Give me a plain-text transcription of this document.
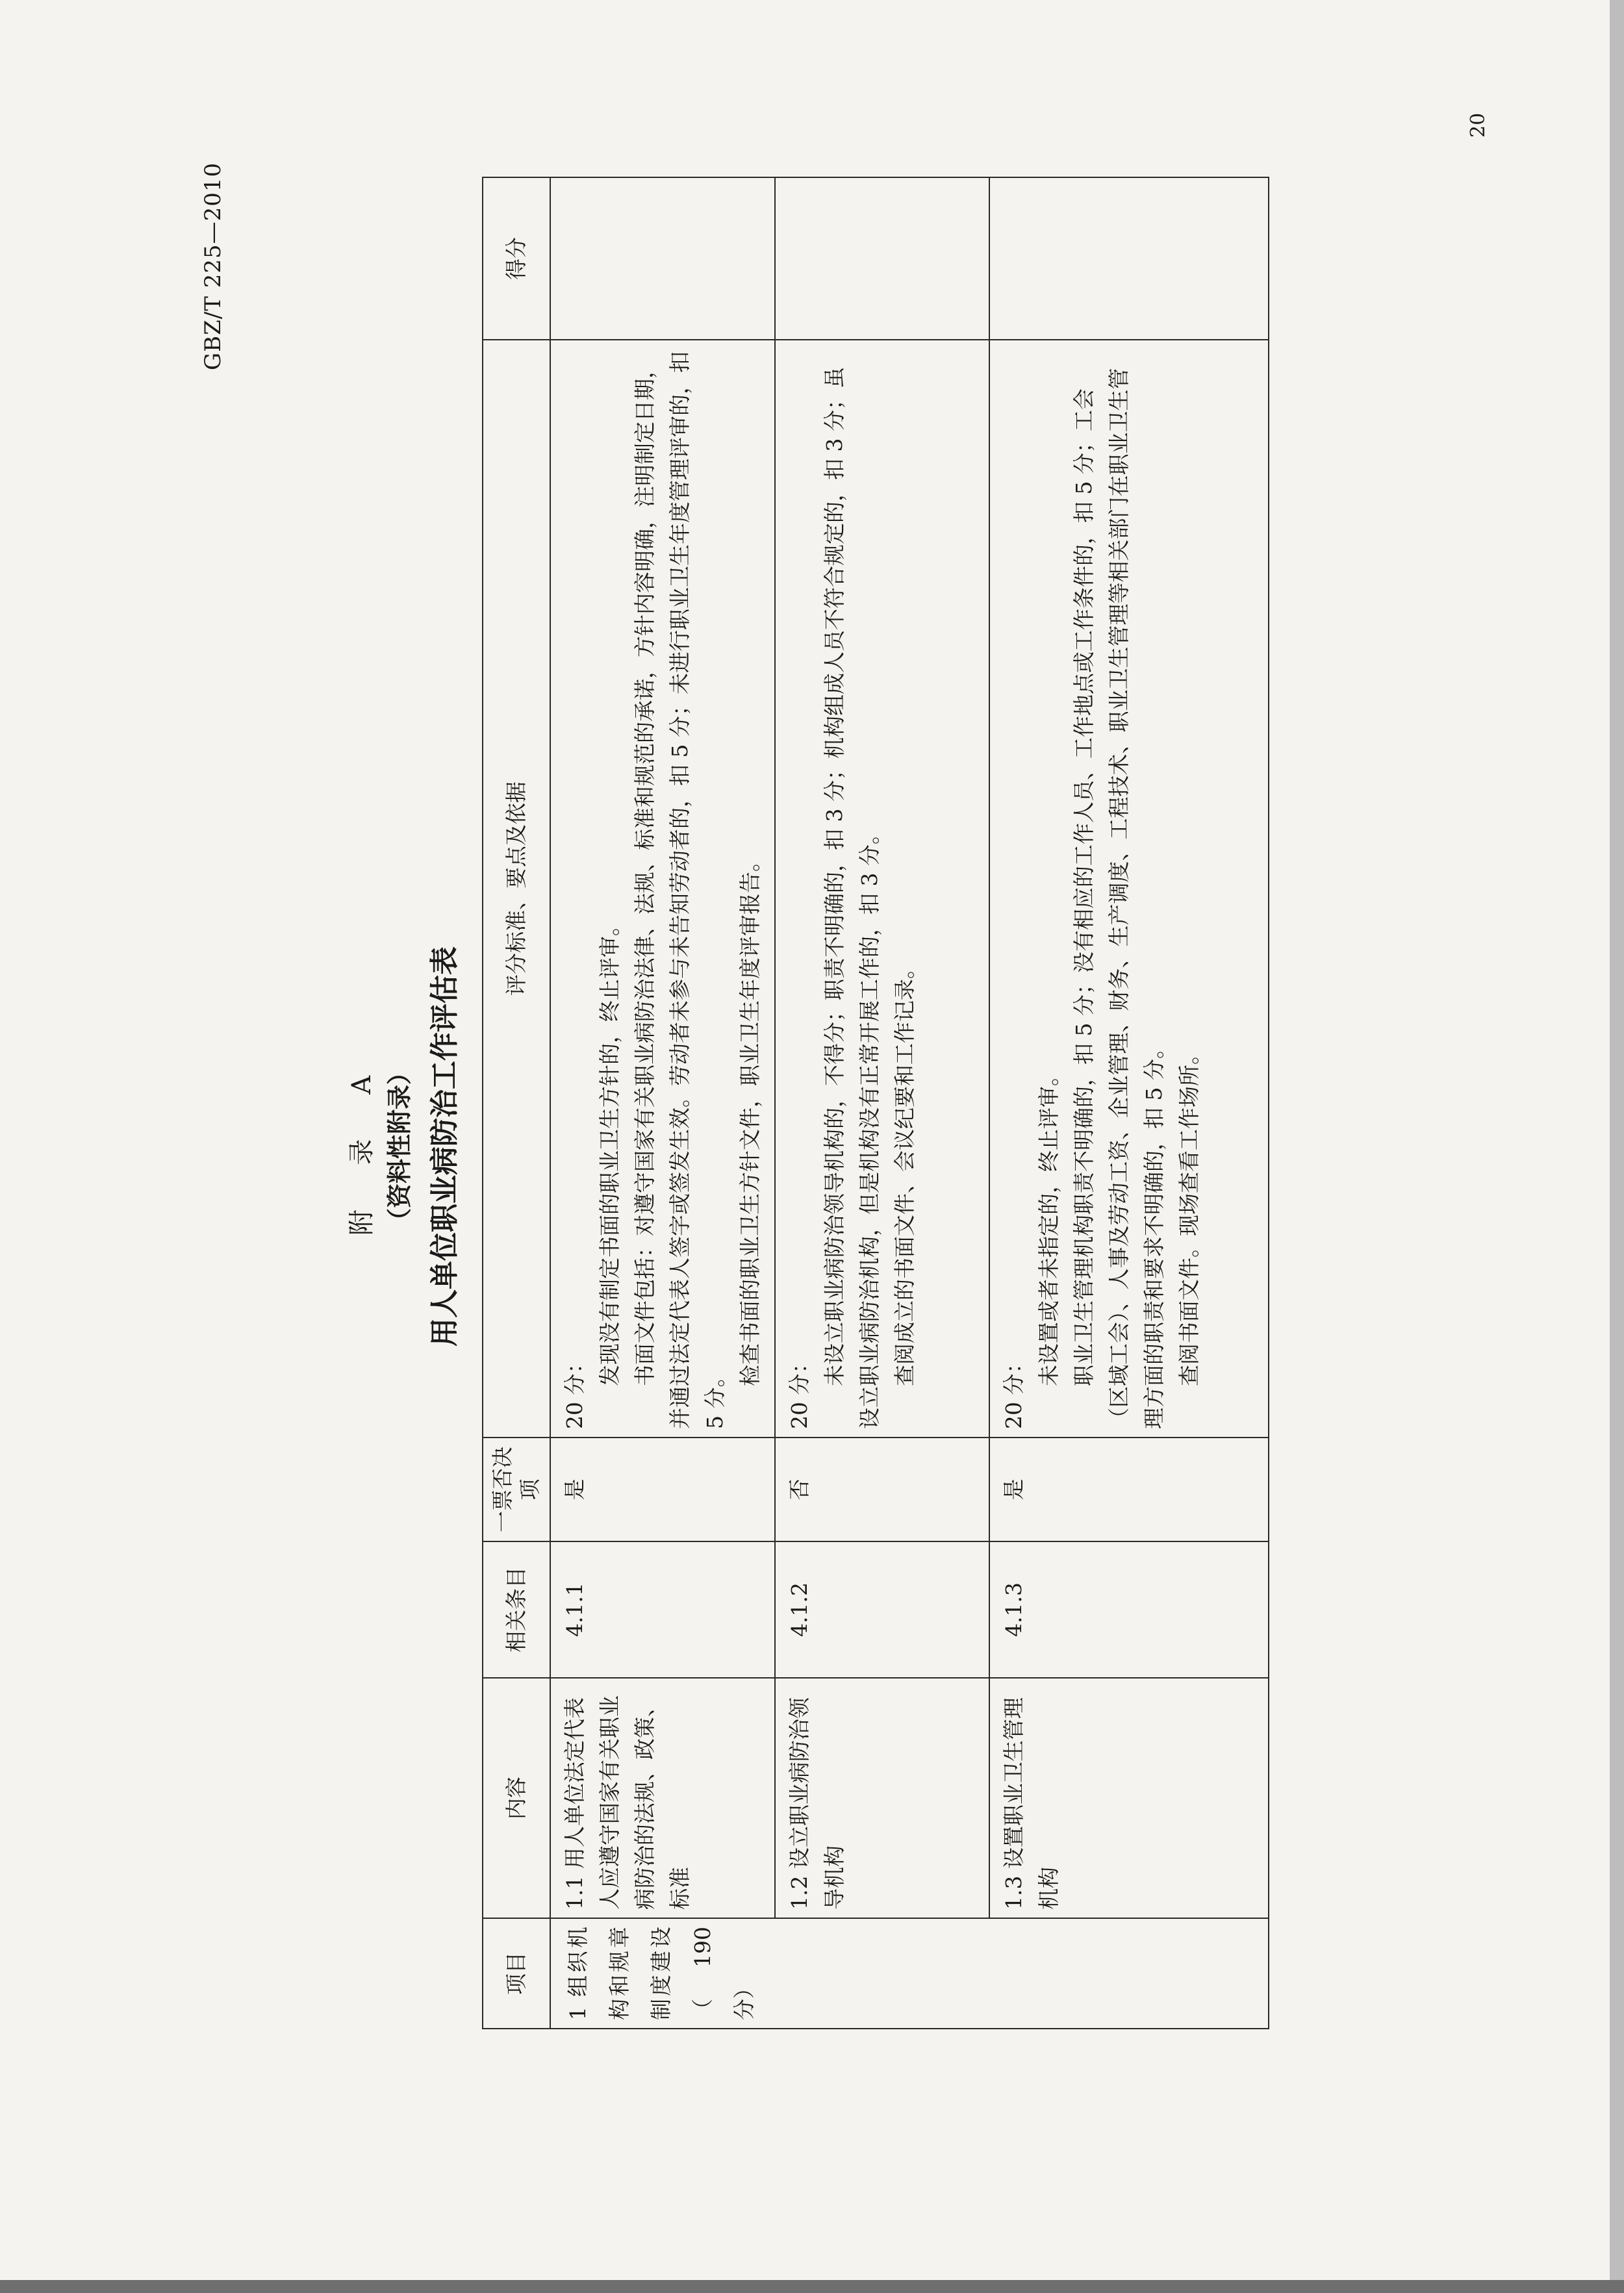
GBZ/T 225—2010
20
附 录 A （资料性附录） 用人单位职业病防治工作评估表
项目	内容	相关条目	一票否决项	评分标准、要点及依据	得分
1 组织机构和规章制度建设（190分）	1.1 用人单位法定代表人应遵守国家有关职业病防治的法规、政策、标准	4.1.1	是	20 分：

发现没有制定书面的职业卫生方针的，终止评审。 书面文件包括：对遵守国家有关职业病防治法律、法规、标准和规范的承诺，方针内容明确，注明制定日期，并通过法定代表人签字或签发生效。劳动者未参与未告知劳动者的，扣 5 分；未进行职业卫生年度管理评审的，扣 5 分。

检查书面的职业卫生方针文件，职业卫生年度评审报告。	

	1.2 设立职业病防治领导机构	4.1.2	否	20 分：

未设立职业病防治领导机构的，不得分；职责不明确的，扣 3 分；机构组成人员不符合规定的，扣 3 分；虽设立职业病防治机构，但是机构没有正常开展工作的，扣 3 分。 查阅成立的书面文件、会议纪要和工作记录。	

	1.3 设置职业卫生管理机构	4.1.3	是	20 分：

未设置或者未指定的，终止评审。 职业卫生管理机构职责不明确的，扣 5 分；没有相应的工作人员、工作地点或工作条件的，扣 5 分；工会（区域工会）、人事及劳动工资、企业管理、财务、生产调度、工程技术、职业卫生管理等相关部门在职业卫生管理方面的职责和要求不明确的，扣 5 分。 查阅书面文件。现场查看工作场所。	
